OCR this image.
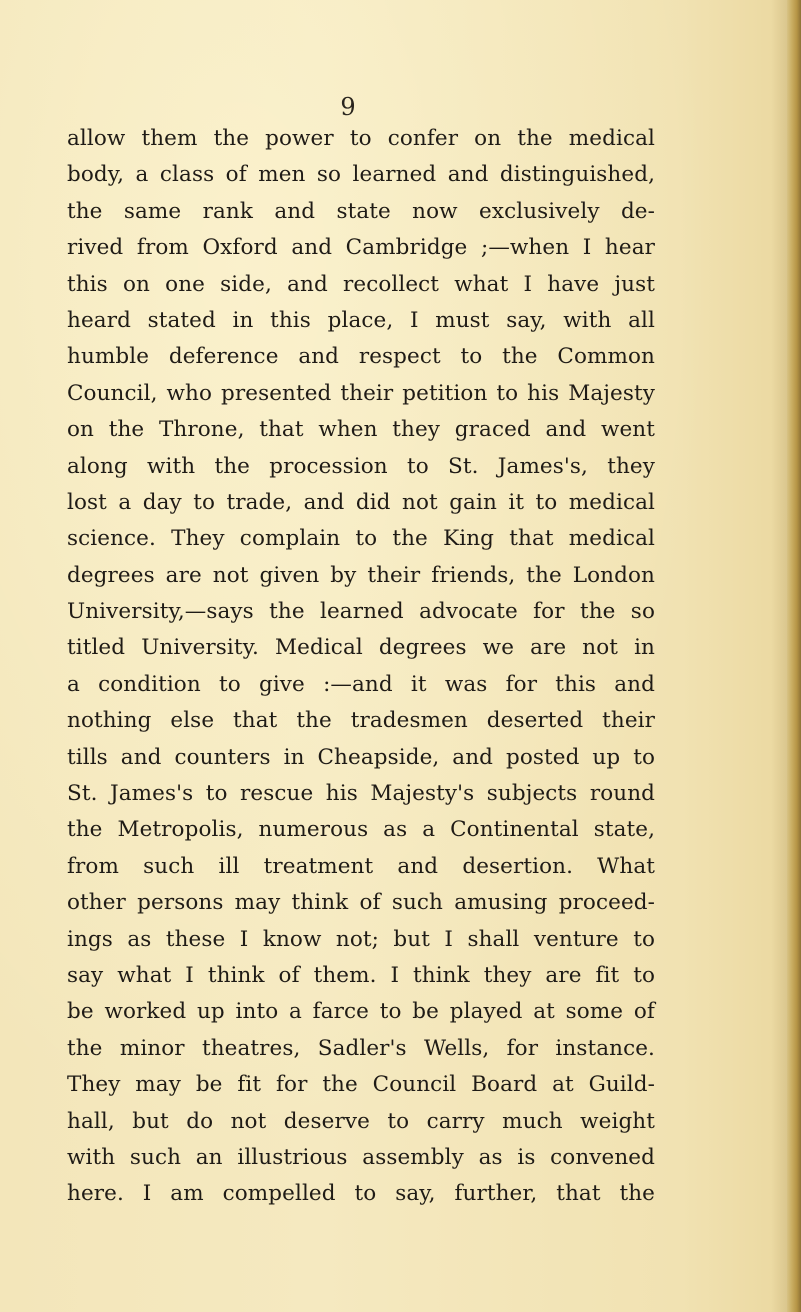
9
allow them the power to confer on the medical
body, a class of men so learned and distinguished,
the same rank and state now exclusively de-
rived from Oxford and Cambridge ;—when I hear
this on one side, and recollect what I have just
heard stated in this place, I must say, with all
humble deference and respect to the Common
Council, who presented their petition to his Majesty
on the Throne, that when they graced and went
along with the procession to St. James's, they
lost a day to trade, and did not gain it to medical
science. They complain to the King that medical
degrees are not given by their friends, the London
University,—says the learned advocate for the so
titled University. Medical degrees we are not in
a condition to give :—and it was for this and
nothing else that the tradesmen deserted their
tills and counters in Cheapside, and posted up to
St. James's to rescue his Majesty's subjects round
the Metropolis, numerous as a Continental state,
from such ill treatment and desertion. What
other persons may think of such amusing proceed-
ings as these I know not; but I shall venture to
say what I think of them. I think they are fit to
be worked up into a farce to be played at some of
the minor theatres, Sadler's Wells, for instance.
They may be fit for the Council Board at Guild-
hall, but do not deserve to carry much weight
with such an illustrious assembly as is convened
here. I am compelled to say, further, that the
